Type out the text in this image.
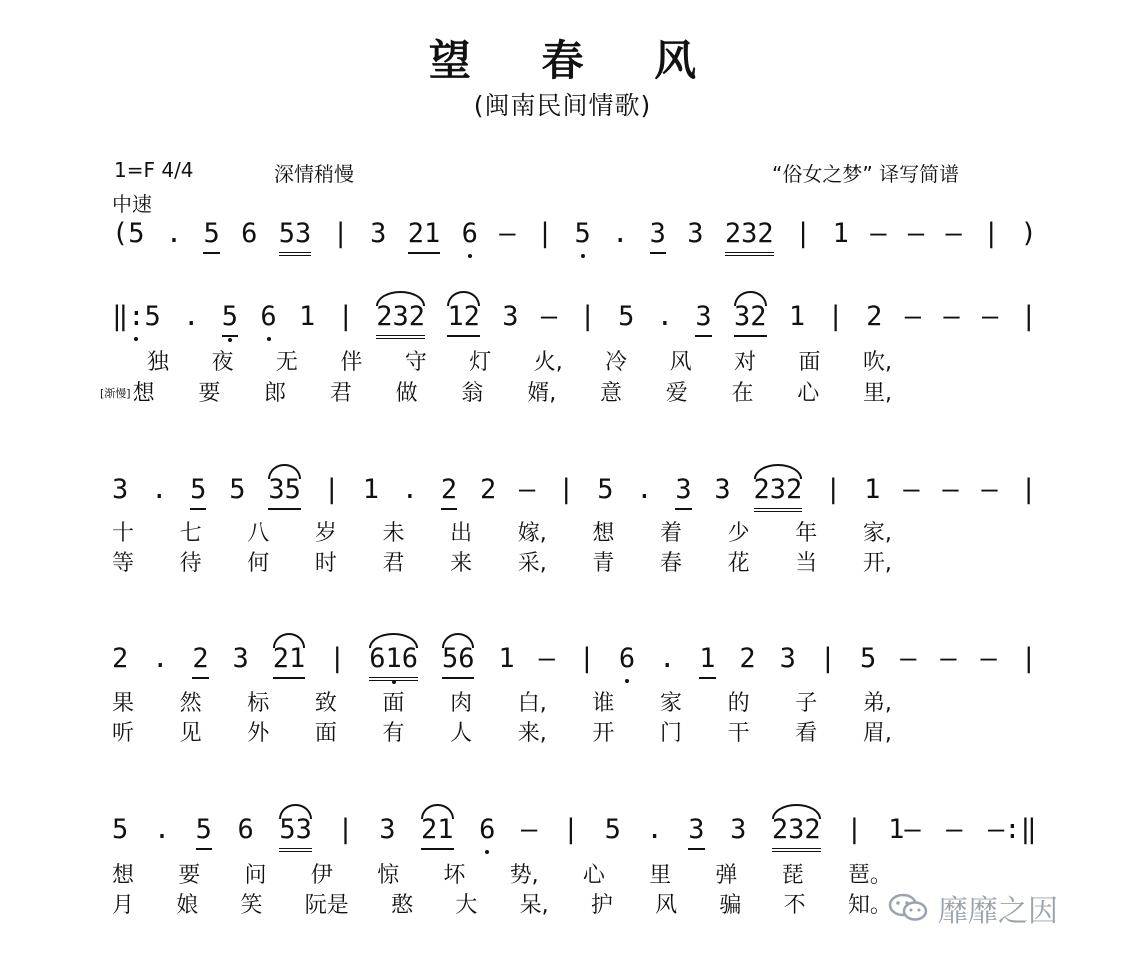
望 春 风
(闽南民间情歌)
1=F 4/4	深情稍慢
中速
“俗女之梦” 译写简谱
(5 . 5 6 53 | 3 21 6 — | 5 . 3 3 232 | 1 — — — | )
‖:5 . 5 6 1 | 232 12 3 — | 5 . 3 32 1 | 2 — — — |
独 夜 无 伴 守 灯 火, 冷 风 对 面 吹,
[渐慢]想 要 郎 君 做 翁 婿, 意 爱 在 心 里,
3 . 5 5 35 | 1 . 2 2 — | 5 . 3 3 232 | 1 — — — |
十 七 八 岁 未 出 嫁, 想 着 少 年 家,
等 待 何 时 君 来 采, 青 春 花 当 开,
2 . 2 3 21 | 616 56 1 — | 6 . 1 2 3 | 5 — — — |
果 然 标 致 面 肉 白, 谁 家 的 子 弟,
听 见 外 面 有 人 来, 开 门 干 看 眉,
5 . 5 6 53 | 3 21 6 — | 5 . 3 3 232 | 1— — —:‖
想 要 问 伊 惊 坏 势, 心 里 弹 琵 琶。
月 娘 笑 阮是 憨 大 呆, 护 风 骗 不 知。 靡靡之因
